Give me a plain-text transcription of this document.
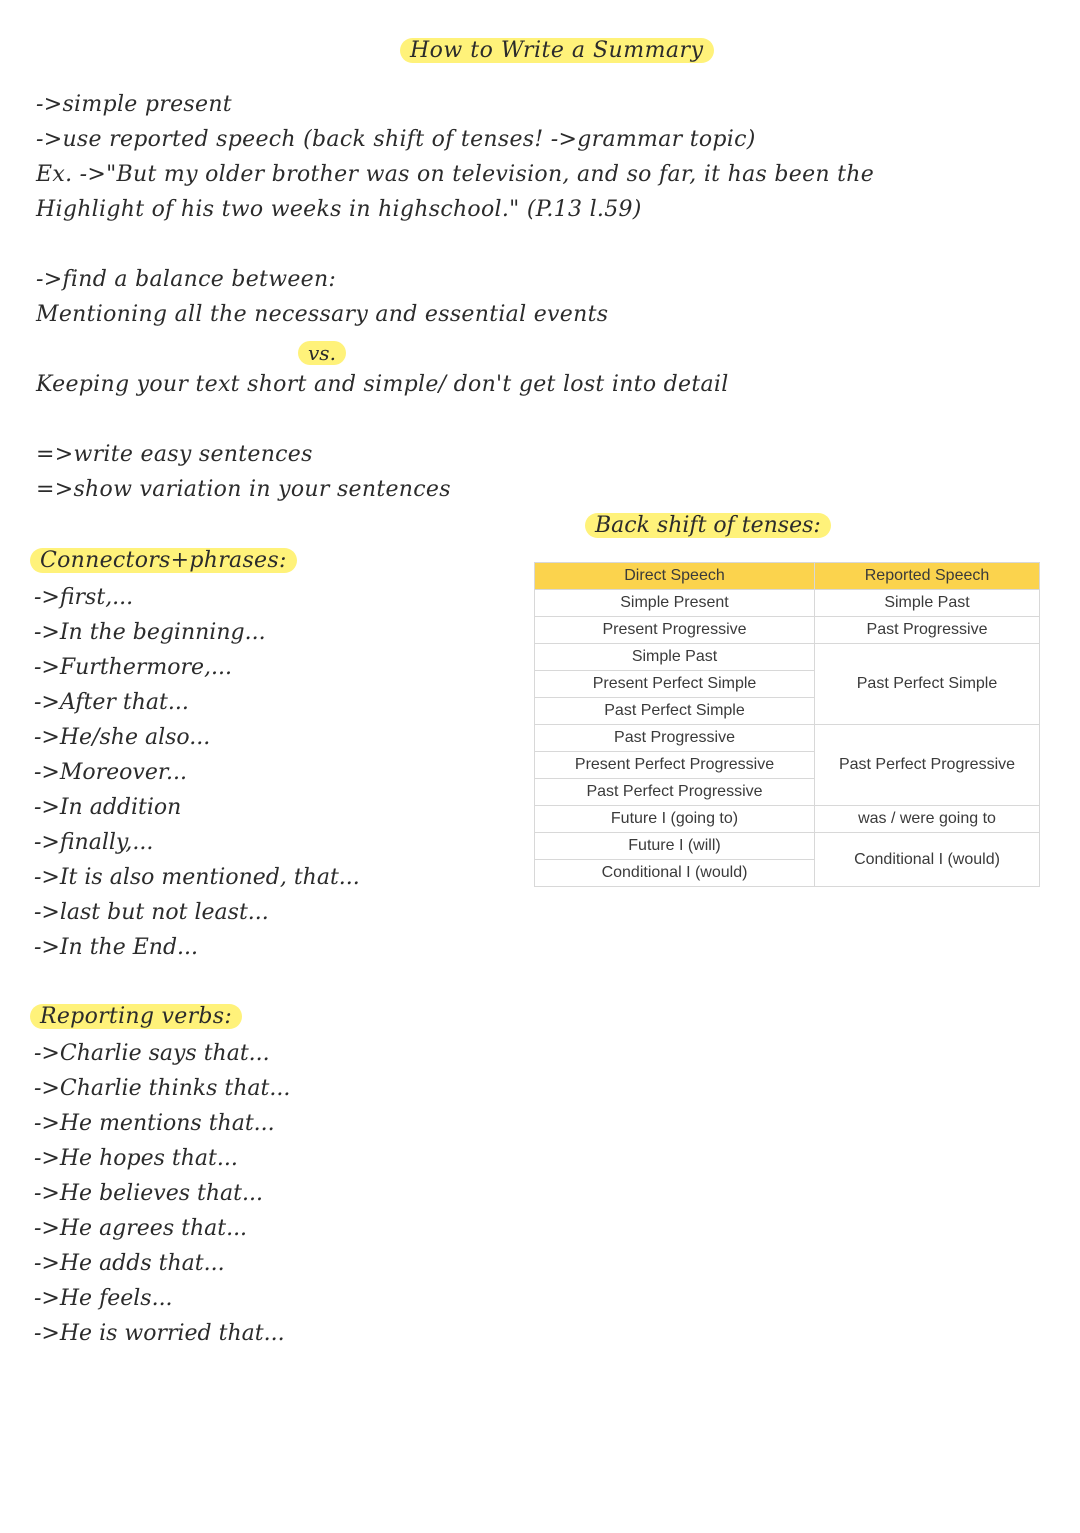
How to Write a Summary
->simple present
->use reported speech (back shift of tenses! ->grammar topic)
Ex. ->"But my older brother was on television, and so far, it has been the
Highlight of his two weeks in highschool." (P.13 l.59)
->find a balance between:
Mentioning all the necessary and essential events
vs.
Keeping your text short and simple/ don't get lost into detail
=>write easy sentences
=>show variation in your sentences
Connectors+phrases:
->first,...
->In the beginning...
->Furthermore,...
->After that...
->He/she also...
->Moreover...
->In addition
->finally,...
->It is also mentioned, that...
->last but not least...
->In the End...
Reporting verbs:
->Charlie says that...
->Charlie thinks that...
->He mentions that...
->He hopes that...
->He believes that...
->He agrees that...
->He adds that...
->He feels...
->He is worried that...
Back shift of tenses:
Direct Speech	Reported Speech
Simple Present	Simple Past
Present Progressive	Past Progressive
Simple Past	Past Perfect Simple
Present Perfect Simple	
Past Perfect Simple	
Past Progressive	Past Perfect Progressive
Present Perfect Progressive	
Past Perfect Progressive	
Future I (going to)	was / were going to
Future I (will)	Conditional I (would)
Conditional I (would)	
